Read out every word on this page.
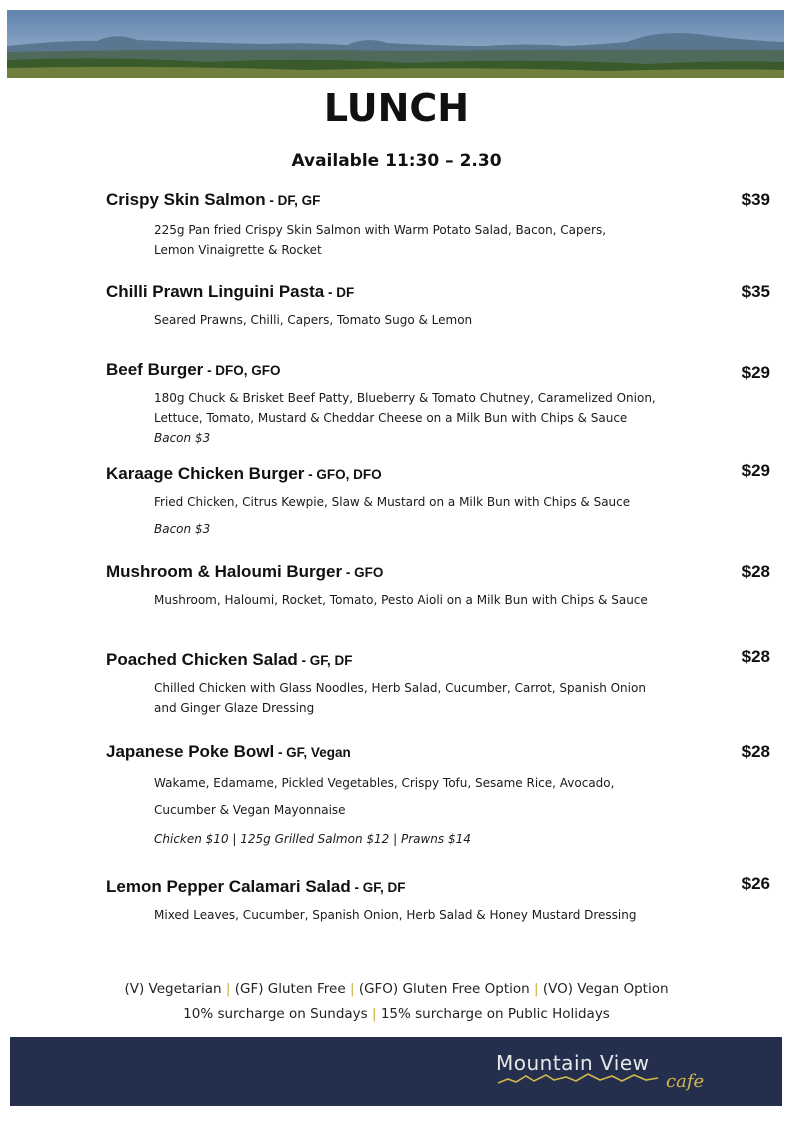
LUNCH
Available 11:30 – 2.30
Crispy Skin Salmon - DF, GF	$39
225g Pan fried Crispy Skin Salmon with Warm Potato Salad, Bacon, Capers,
Lemon Vinaigrette & Rocket
Chilli Prawn Linguini Pasta - DF	$35
Seared Prawns, Chilli, Capers, Tomato Sugo & Lemon
Beef Burger - DFO, GFO	$29
180g Chuck & Brisket Beef Patty, Blueberry & Tomato Chutney, Caramelized Onion,
Lettuce, Tomato, Mustard & Cheddar Cheese on a Milk Bun with Chips & Sauce
Bacon $3
Karaage Chicken Burger - GFO, DFO	$29
Fried Chicken, Citrus Kewpie, Slaw & Mustard on a Milk Bun with Chips & Sauce
Bacon $3
Mushroom & Haloumi Burger - GFO	$28
Mushroom, Haloumi, Rocket, Tomato, Pesto Aioli on a Milk Bun with Chips & Sauce
Poached Chicken Salad - GF, DF	$28
Chilled Chicken with Glass Noodles, Herb Salad, Cucumber, Carrot, Spanish Onion
and Ginger Glaze Dressing
Japanese Poke Bowl - GF, Vegan	$28
Wakame, Edamame, Pickled Vegetables, Crispy Tofu, Sesame Rice, Avocado,
Cucumber & Vegan Mayonnaise
Chicken $10 | 125g Grilled Salmon $12 | Prawns $14
Lemon Pepper Calamari Salad - GF, DF	$26
Mixed Leaves, Cucumber, Spanish Onion, Herb Salad & Honey Mustard Dressing
(V) Vegetarian | (GF) Gluten Free | (GFO) Gluten Free Option | (VO) Vegan Option
10% surcharge on Sundays | 15% surcharge on Public Holidays
Mountain View
cafe
